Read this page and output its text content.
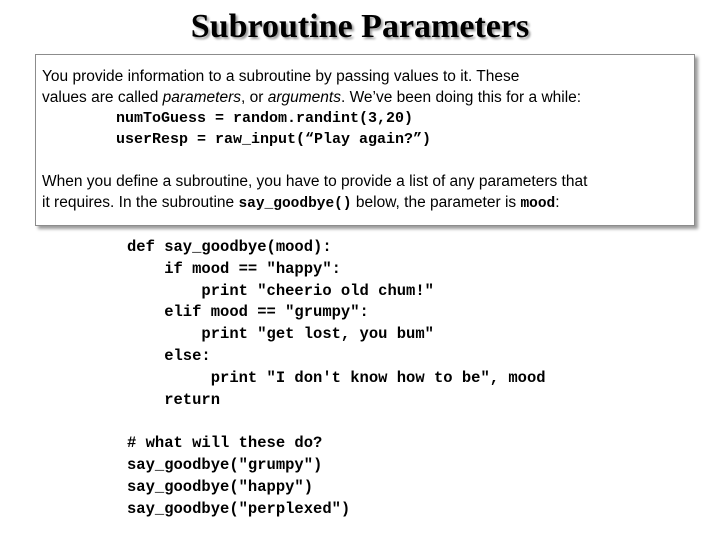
Subroutine Parameters
You provide information to a subroutine by passing values to it. These
values are called parameters, or arguments. We’ve been doing this for a while:
numToGuess = random.randint(3,20)
userResp = raw_input(“Play again?”)
When you define a subroutine, you have to provide a list of any parameters that
it requires. In the subroutine say_goodbye() below, the parameter is mood:
def say_goodbye(mood):
if mood == "happy":
print "cheerio old chum!"
elif mood == "grumpy":
print "get lost, you bum"
else:
print "I don't know how to be", mood
return
# what will these do?
say_goodbye("grumpy")
say_goodbye("happy")
say_goodbye("perplexed")
